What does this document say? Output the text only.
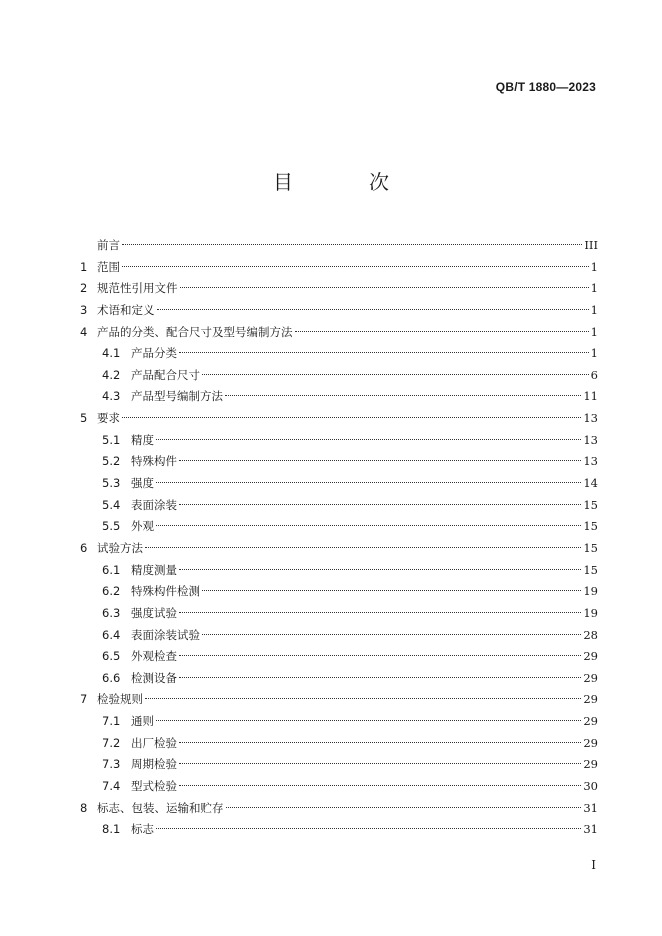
QB/T 1880—2023
目　次
前言	III
1 范围	1
2 规范性引用文件	1
3 术语和定义	1
4 产品的分类、配合尺寸及型号编制方法	1
4.1 产品分类	1
4.2 产品配合尺寸	6
4.3 产品型号编制方法	11
5 要求	13
5.1 精度	13
5.2 特殊构件	13
5.3 强度	14
5.4 表面涂装	15
5.5 外观	15
6 试验方法	15
6.1 精度测量	15
6.2 特殊构件检测	19
6.3 强度试验	19
6.4 表面涂装试验	28
6.5 外观检查	29
6.6 检测设备	29
7 检验规则	29
7.1 通则	29
7.2 出厂检验	29
7.3 周期检验	29
7.4 型式检验	30
8 标志、包装、运输和贮存	31
8.1 标志	31
I
